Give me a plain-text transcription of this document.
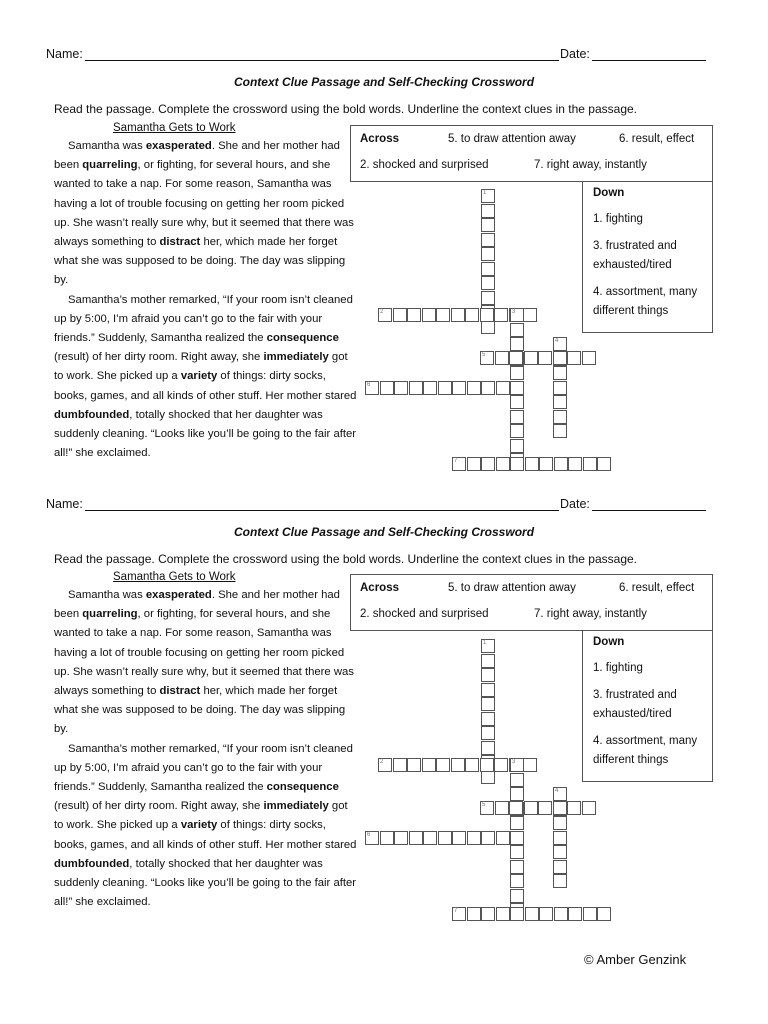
Name:	Date:
Context Clue Passage and Self-Checking Crossword
Read the passage. Complete the crossword using the bold words. Underline the context clues in the passage.
Samantha Gets to Work

Samantha was exasperated. She and her mother had been quarreling, or fighting, for several hours, and she wanted to take a nap. For some reason, Samantha was having a lot of trouble focusing on getting her room picked up. She wasn’t really sure why, but it seemed that there was always something to distract her, which made her forget what she was supposed to be doing. The day was slipping by.

Samantha’s mother remarked, “If your room isn’t cleaned up by 5:00, I’m afraid you can’t go to the fair with your friends.” Suddenly, Samantha realized the consequence (result) of her dirty room. Right away, she immediately got to work. She picked up a variety of things: dirty socks, books, games, and all kinds of other stuff. Her mother stared dumbfounded, totally shocked that her daughter was suddenly cleaning. “Looks like you’ll be going to the fair after all!” she exclaimed.

Across	5. to draw attention away	6. result, effect
2. shocked and surprised	7. right away, instantly
Down
1. fighting
3. frustrated and exhausted/tired
4. assortment, many different things
1
2	3
4
5
6
7
Name:	Date:
Context Clue Passage and Self-Checking Crossword
Read the passage. Complete the crossword using the bold words. Underline the context clues in the passage.
Samantha Gets to Work

Samantha was exasperated. She and her mother had been quarreling, or fighting, for several hours, and she wanted to take a nap. For some reason, Samantha was having a lot of trouble focusing on getting her room picked up. She wasn’t really sure why, but it seemed that there was always something to distract her, which made her forget what she was supposed to be doing. The day was slipping by.

Samantha’s mother remarked, “If your room isn’t cleaned up by 5:00, I’m afraid you can’t go to the fair with your friends.” Suddenly, Samantha realized the consequence (result) of her dirty room. Right away, she immediately got to work. She picked up a variety of things: dirty socks, books, games, and all kinds of other stuff. Her mother stared dumbfounded, totally shocked that her daughter was suddenly cleaning. “Looks like you’ll be going to the fair after all!” she exclaimed.

Across	5. to draw attention away	6. result, effect
2. shocked and surprised	7. right away, instantly
Down
1. fighting
3. frustrated and exhausted/tired
4. assortment, many different things
1
2	3
4
5
6
7
© Amber Genzink
